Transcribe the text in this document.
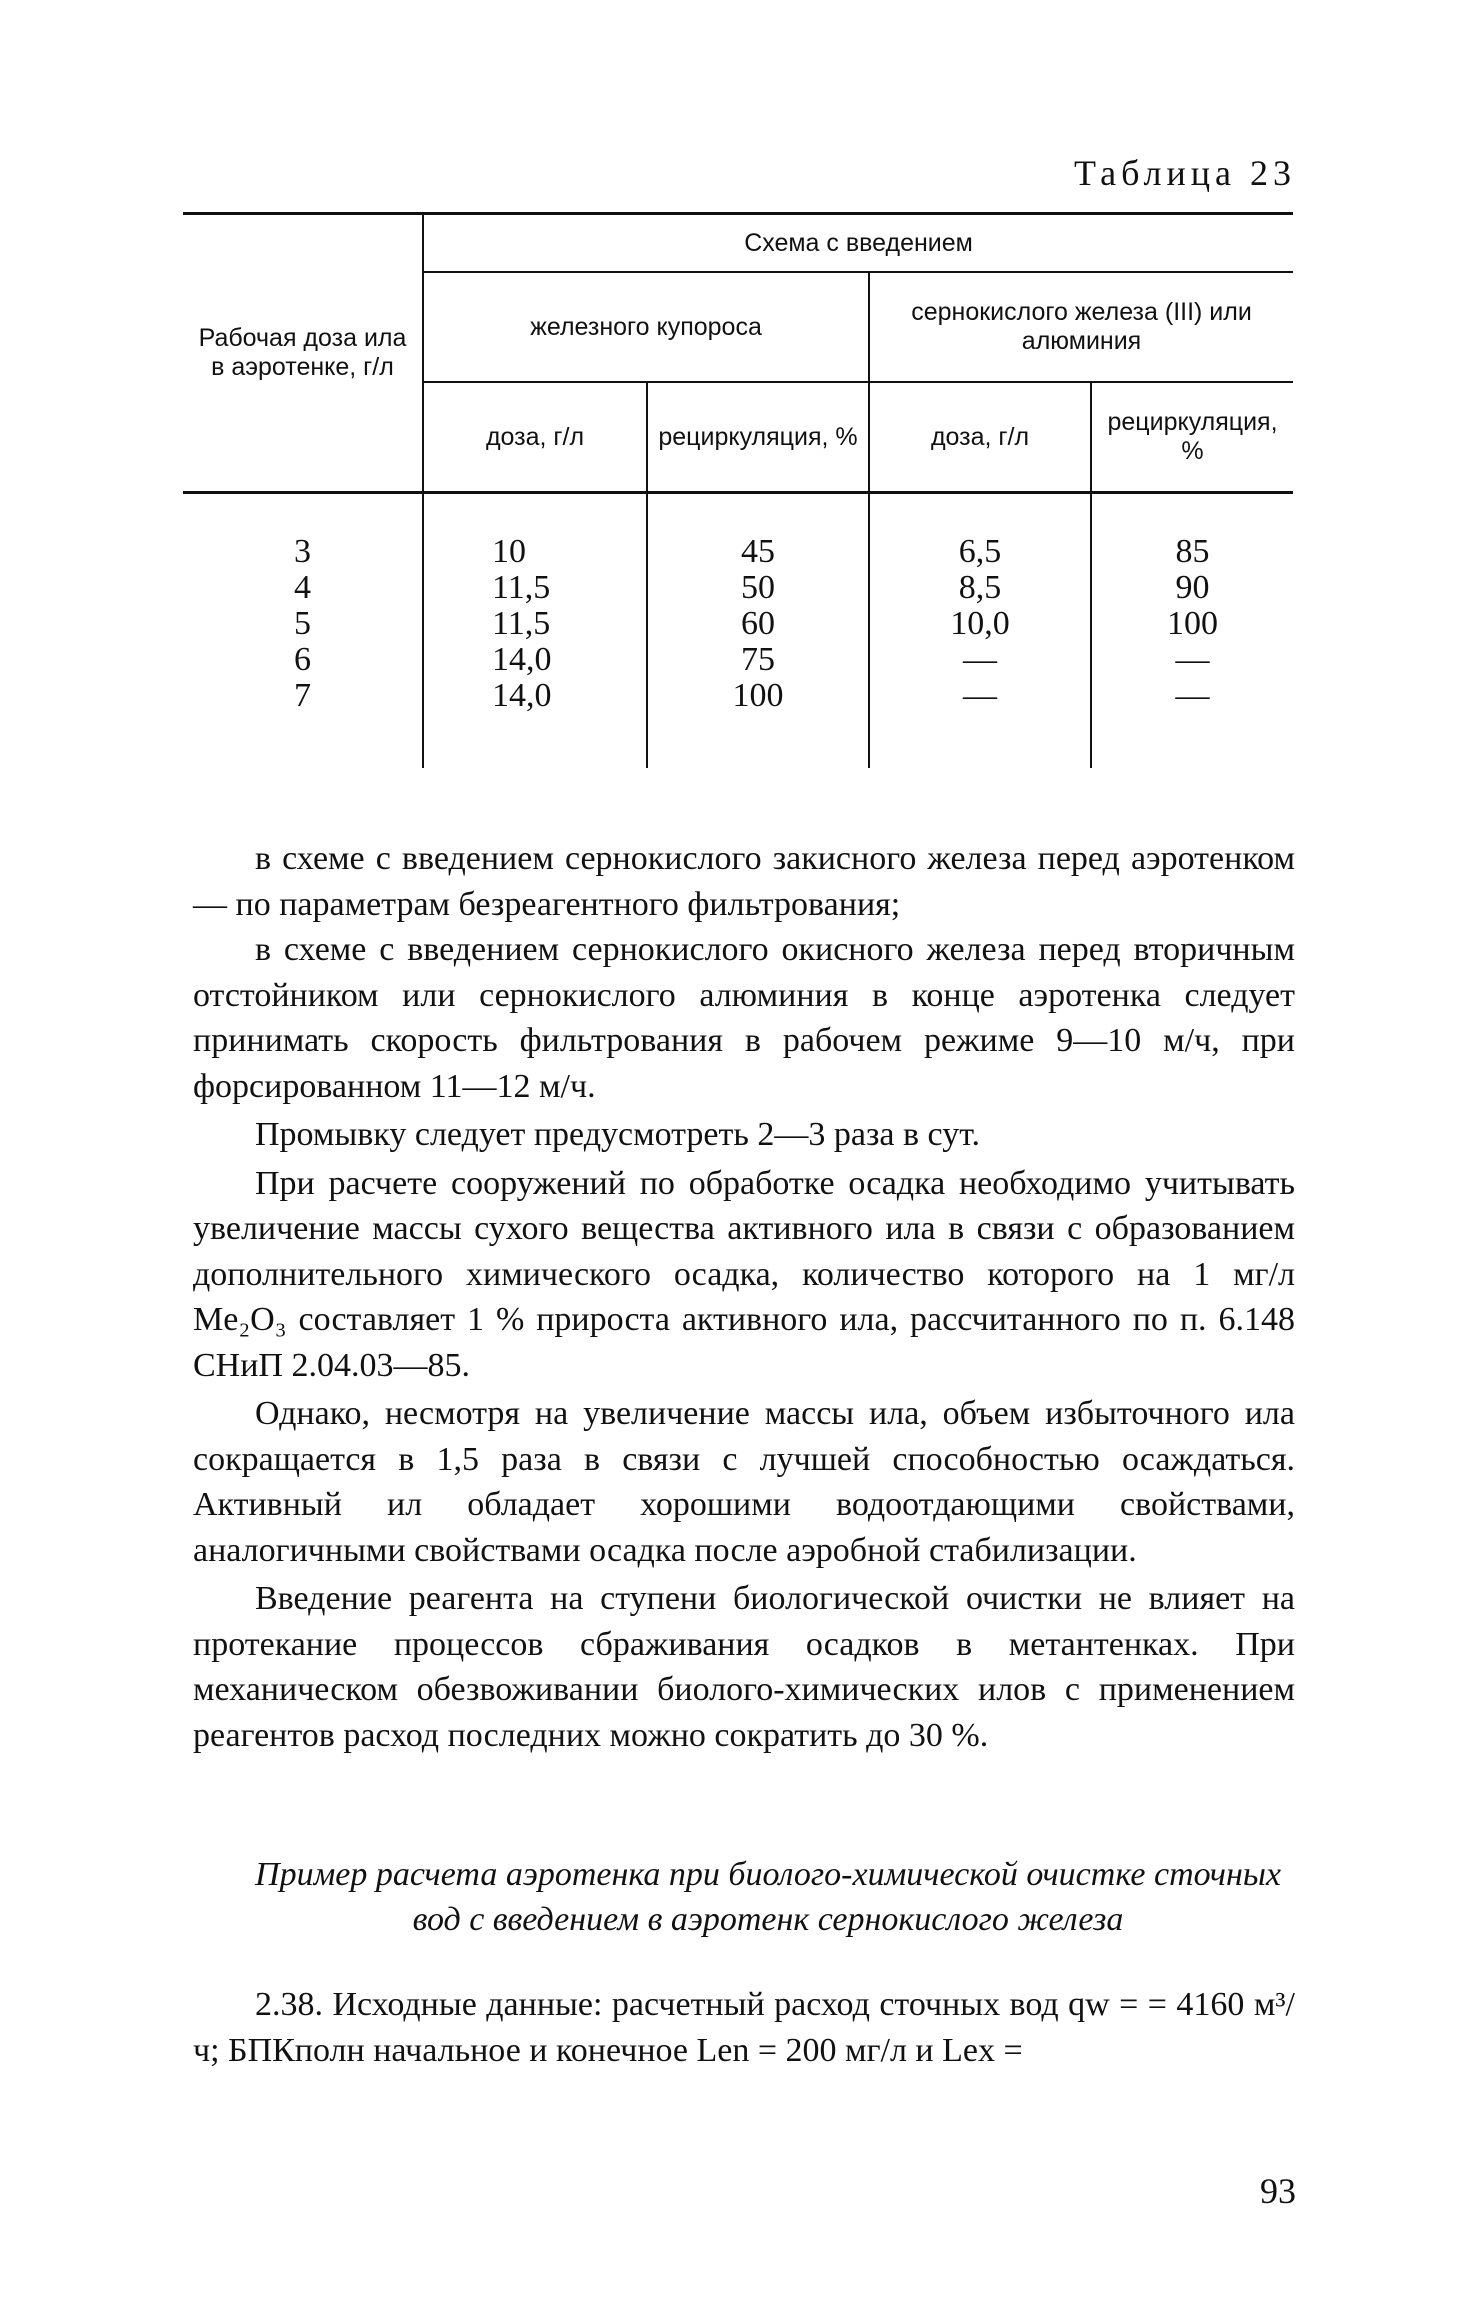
Таблица 23
Рабочая доза ила в аэротенке, г/л	Схема с введением			
	железного купороса		сернокислого железа (III) или алюминия	
	доза, г/л	рециркуляция, %	доза, г/л	рециркуляция, %
3	10	45	6,5	85
4	11,5	50	8,5	90
5	11,5	60	10,0	100
6	14,0	75	—	—
7	14,0	100	—	—

в схеме с введением сернокислого закисного железа перед аэротенком — по параметрам безреагентного фильтрования;

в схеме с введением сернокислого окисного железа перед вторичным отстойником или сернокислого алюминия в конце аэротенка следует принимать скорость фильтрования в рабочем режиме 9—10 м/ч, при форсированном 11—12 м/ч.

Промывку следует предусмотреть 2—3 раза в сут.

При расчете сооружений по обработке осадка необходимо учитывать увеличение массы сухого вещества активного ила в связи с образованием дополнительного химического осадка, количество которого на 1 мг/л Me₂O₃ составляет 1 % прироста активного ила, рассчитанного по п. 6.148 СНиП 2.04.03—85.

Однако, несмотря на увеличение массы ила, объем избыточного ила сокращается в 1,5 раза в связи с лучшей способностью осаждаться. Активный ил обладает хорошими водоотдающими свойствами, аналогичными свойствами осадка после аэробной стабилизации.

Введение реагента на ступени биологической очистки не влияет на протекание процессов сбраживания осадков в метантенках. При механическом обезвоживании биолого-химических илов с применением реагентов расход последних можно сократить до 30 %.

Пример расчета аэротенка при биолого-химической очистке сточных вод с введением в аэротенк сернокислого железа

2.38. Исходные данные: расчетный расход сточных вод qw = = 4160 м³/ч; БПКполн начальное и конечное Len = 200 мг/л и Lex =

93
